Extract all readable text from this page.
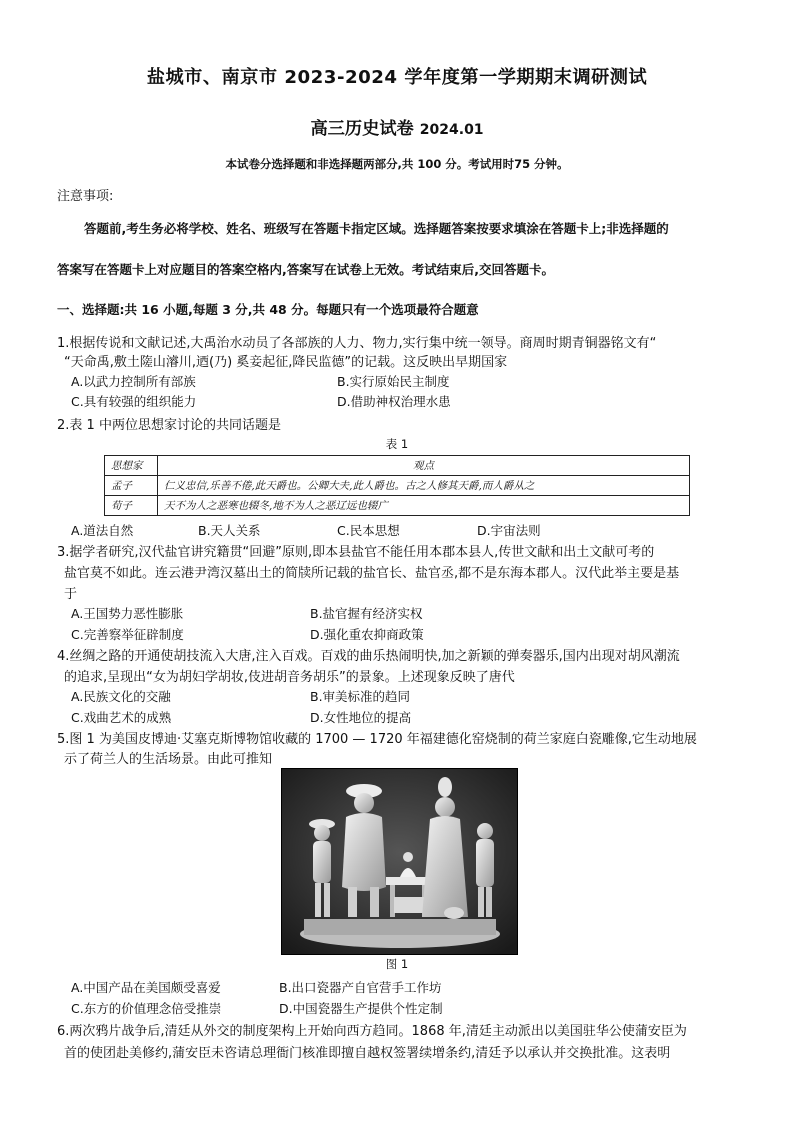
盐城市、南京市 2023-2024 学年度第一学期期末调研测试
高三历史试卷 2024.01
本试卷分选择题和非选择题两部分,共 100 分。考试用时75 分钟。
注意事项:
答题前,考生务必将学校、姓名、班级写在答题卡指定区域。选择题答案按要求填涂在答题卡上;非选择题的
答案写在答题卡上对应题目的答案空格内,答案写在试卷上无效。考试结束后,交回答题卡。
一、选择题:共 16 小题,每题 3 分,共 48 分。每题只有一个选项最符合题意
1.根据传说和文献记述,大禹治水动员了各部族的人力、物力,实行集中统一领导。商周时期青铜器铭文有“
“天命禹,敷土隓山濬川,迺(乃) 奚妾起征,降民监德”的记载。这反映出早期国家
A.以武力控制所有部族	B.实行原始民主制度
C.具有较强的组织能力	D.借助神权治理水患
2.表 1 中两位思想家讨论的共同话题是
表 1
思想家	观点
孟子	仁义忠信,乐善不倦,此天爵也。公卿大夫,此人爵也。古之人修其天爵,而人爵从之
荀子	天不为人之恶寒也辍冬,地不为人之恶辽远也辍广
A.道法自然	B.天人关系	C.民本思想	D.宇宙法则
3.据学者研究,汉代盐官讲究籍贯“回避”原则,即本县盐官不能任用本郡本县人,传世文献和出土文献可考的
盐官莫不如此。连云港尹湾汉墓出土的简牍所记载的盐官长、盐官丞,都不是东海本郡人。汉代此举主要是基
于
A.王国势力恶性膨胀	B.盐官握有经济实权
C.完善察举征辟制度	D.强化重农抑商政策
4.丝绸之路的开通使胡技流入大唐,注入百戏。百戏的曲乐热闹明快,加之新颖的弹奏器乐,国内出现对胡风潮流
的追求,呈现出“女为胡妇学胡妆,伎进胡音务胡乐”的景象。上述现象反映了唐代
A.民族文化的交融	B.审美标准的趋同
C.戏曲艺术的成熟	D.女性地位的提高
5.图 1 为美国皮博迪·艾塞克斯博物馆收藏的 1700 — 1720 年福建德化窑烧制的荷兰家庭白瓷雕像,它生动地展
示了荷兰人的生活场景。由此可推知
图 1
A.中国产品在美国颇受喜爱	B.出口瓷器产自官营手工作坊
C.东方的价值理念倍受推崇	D.中国瓷器生产提供个性定制
6.两次鸦片战争后,清廷从外交的制度架构上开始向西方趋同。1868 年,清廷主动派出以美国驻华公使蒲安臣为
首的使团赴美修约,蒲安臣未咨请总理衙门核准即擅自越权签署续增条约,清廷予以承认并交换批准。这表明
